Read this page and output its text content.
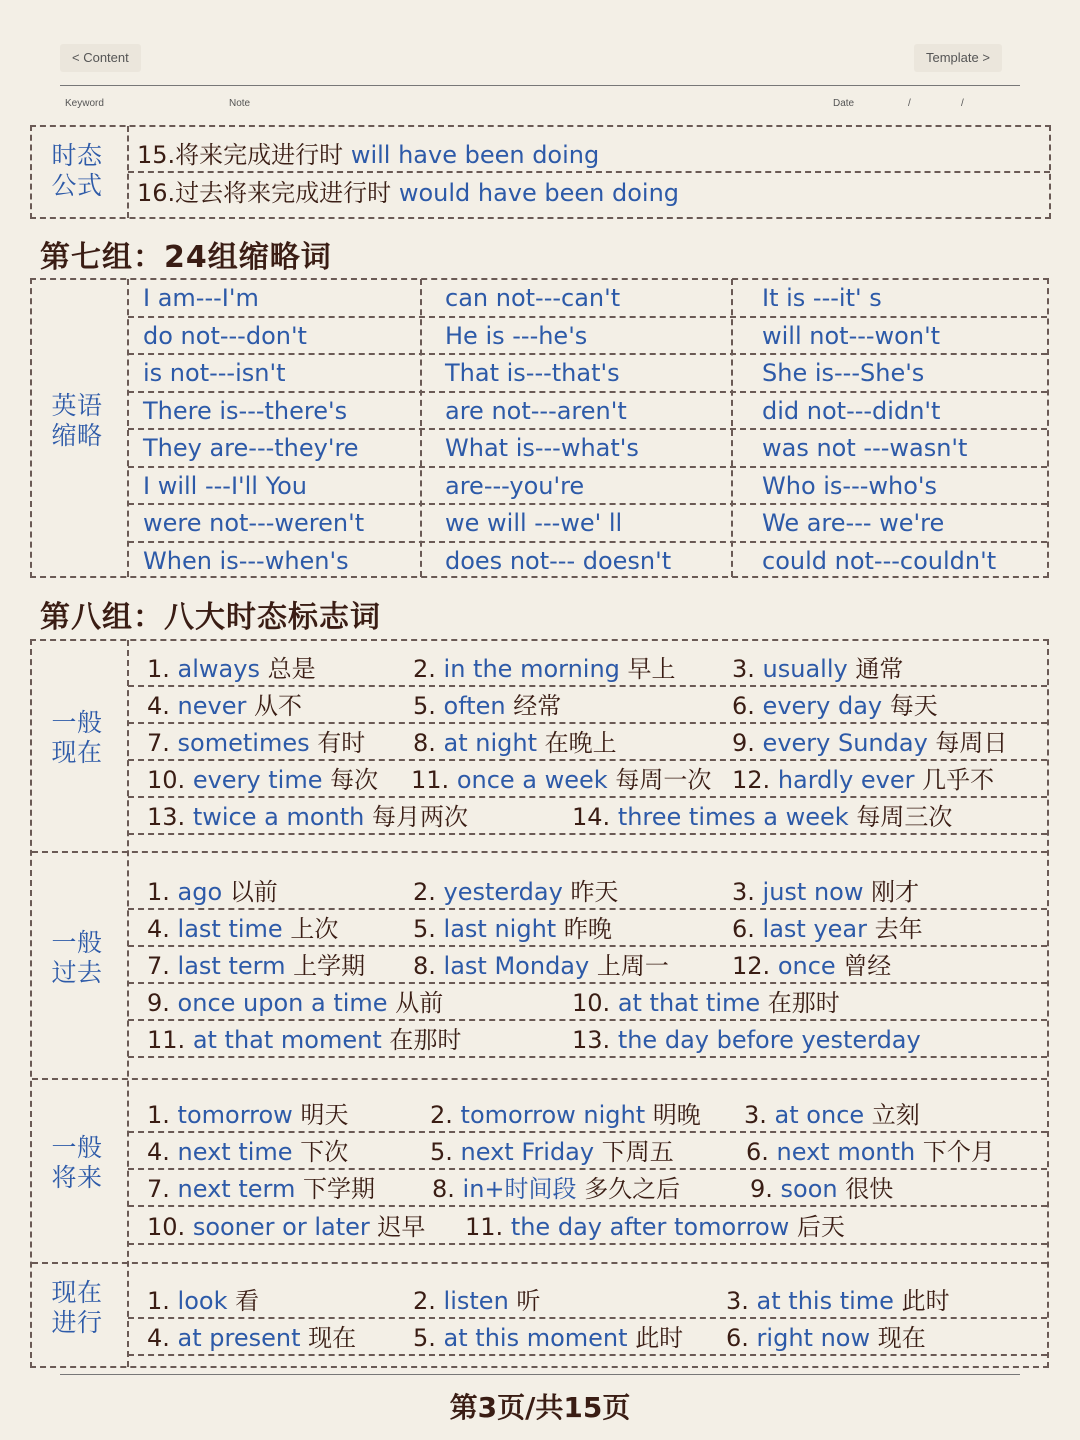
< Content	Template >
Keyword	Note	Date	/	/
时态
公式
15.将来完成进行时 will have been doing
16.过去将来完成进行时 would have been doing
第七组：24组缩略词
英语
缩略
I am---I'm	can not---can't	It is ---it' s
do not---don't	He is ---he's	will not---won't
is not---isn't	That is---that's	She is---She's
There is---there's	are not---aren't	did not---didn't
They are---they're	What is---what's	was not ---wasn't
I will ---I'll You	are---you're	Who is---who's
were not---weren't	we will ---we' ll	We are--- we're
When is---when's	does not--- doesn't	could not---couldn't
第八组：八大时态标志词
一般
现在
1. always 总是	2. in the morning 早上 3. usually 通常
4. never 从不	5. often 经常	6. every day 每天
7. sometimes 有时 8. at night 在晚上	9. every Sunday 每周日
10. every time 每次 11. once a week 每周一次 12. hardly ever 几乎不
13. twice a month 每月两次	14. three times a week 每周三次
一般
过去
1. ago 以前	2. yesterday 昨天	3. just now 刚才
4. last time 上次	5. last night 昨晚	6. last year 去年
7. last term 上学期 8. last Monday 上周一	12. once 曾经
9. once upon a time 从前	10. at that time 在那时
11. at that moment 在那时	13. the day before yesterday
一般
将来
1. tomorrow 明天	2. tomorrow night 明晚 3. at once 立刻
4. next time 下次	5. next Friday 下周五	6. next month 下个月
7. next term 下学期 8. in+时间段 多久之后	9. soon 很快
10. sooner or later 迟早 11. the day after tomorrow 后天
现在
进行
1. look 看	2. listen 听	3. at this time 此时
4. at present 现在 5. at this moment 此时 6. right now 现在
第3页/共15页
